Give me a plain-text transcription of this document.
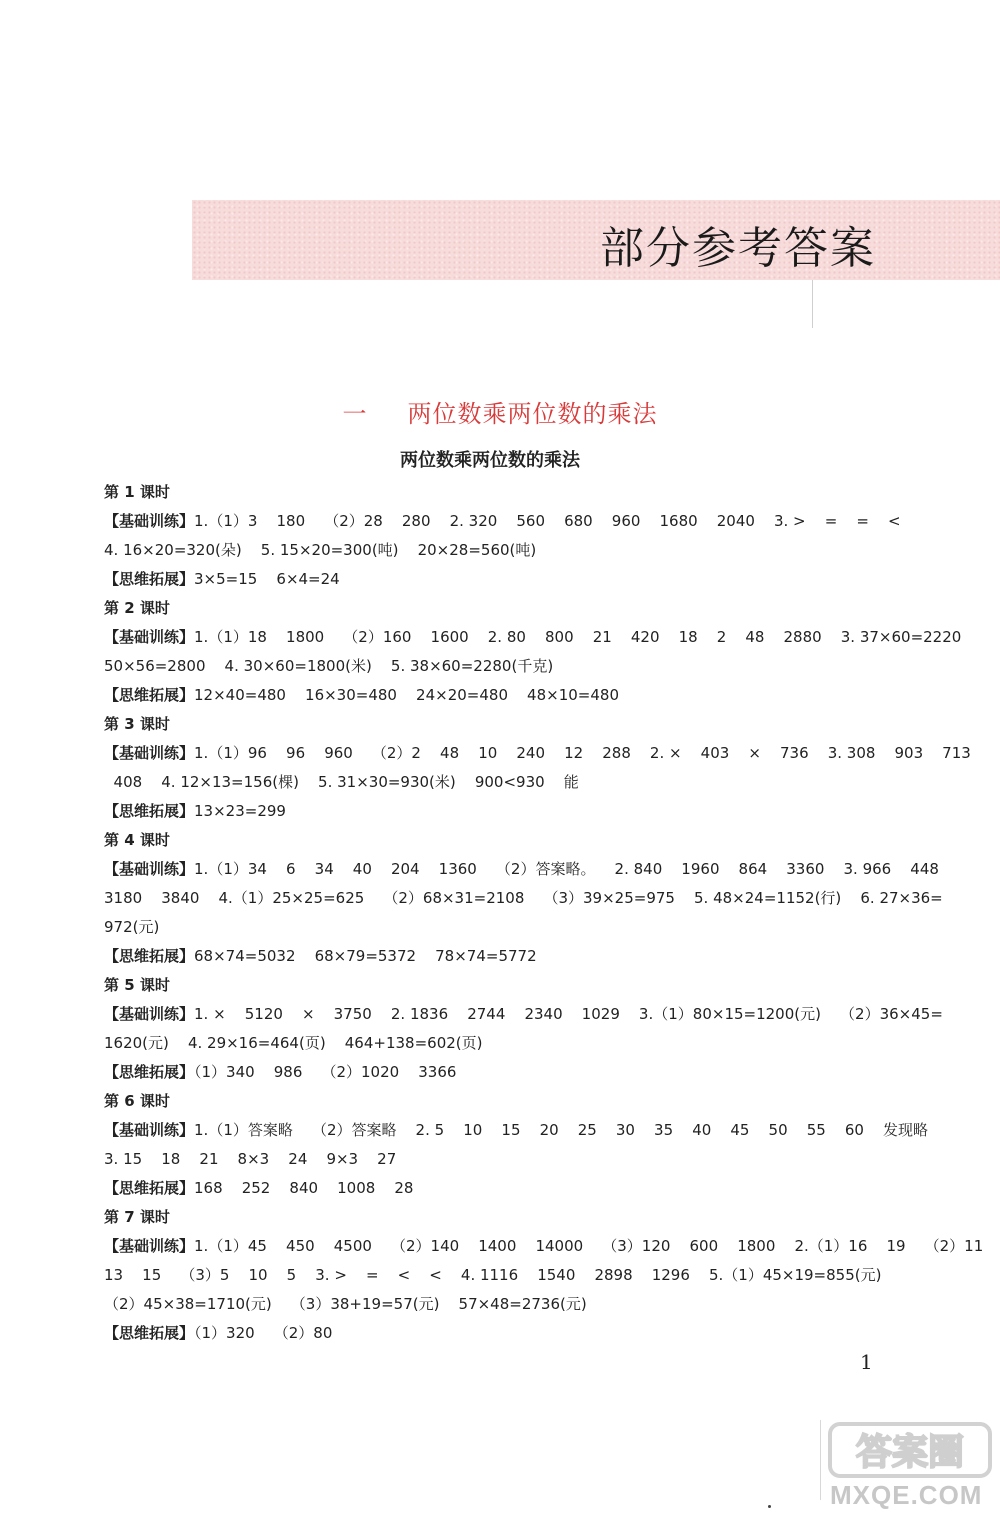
部分参考答案
一 两位数乘两位数的乘法
两位数乘两位数的乘法
第 1 课时
【基础训练】1.（1）3    180    （2）28    280    2. 320    560    680    960    1680    2040    3. >    =    =    <
4. 16×20=320(朵)    5. 15×20=300(吨)    20×28=560(吨)
【思维拓展】3×5=15    6×4=24
第 2 课时
【基础训练】1.（1）18    1800    （2）160    1600    2. 80    800    21    420    18    2    48    2880    3. 37×60=2220
50×56=2800    4. 30×60=1800(米)    5. 38×60=2280(千克)
【思维拓展】12×40=480    16×30=480    24×20=480    48×10=480
第 3 课时
【基础训练】1.（1）96    96    960    （2）2    48    10    240    12    288    2. ×    403    ×    736    3. 308    903    713
408    4. 12×13=156(棵)    5. 31×30=930(米)    900<930    能
【思维拓展】13×23=299
第 4 课时
【基础训练】1.（1）34    6    34    40    204    1360    （2）答案略。    2. 840    1960    864    3360    3. 966    448
3180    3840    4.（1）25×25=625    （2）68×31=2108    （3）39×25=975    5. 48×24=1152(行)    6. 27×36=
972(元)
【思维拓展】68×74=5032    68×79=5372    78×74=5772
第 5 课时
【基础训练】1. ×    5120    ×    3750    2. 1836    2744    2340    1029    3.（1）80×15=1200(元)    （2）36×45=
1620(元)    4. 29×16=464(页)    464+138=602(页)
【思维拓展】（1）340    986    （2）1020    3366
第 6 课时
【基础训练】1.（1）答案略    （2）答案略    2. 5    10    15    20    25    30    35    40    45    50    55    60    发现略
3. 15    18    21    8×3    24    9×3    27
【思维拓展】168    252    840    1008    28
第 7 课时
【基础训练】1.（1）45    450    4500    （2）140    1400    14000    （3）120    600    1800    2.（1）16    19    （2）11
13    15    （3）5    10    5    3. >    =    <    <    4. 1116    1540    2898    1296    5.（1）45×19=855(元)
（2）45×38=1710(元)    （3）38+19=57(元)    57×48=2736(元)
【思维拓展】（1）320    （2）80
1
答案圈
MXQE.COM
